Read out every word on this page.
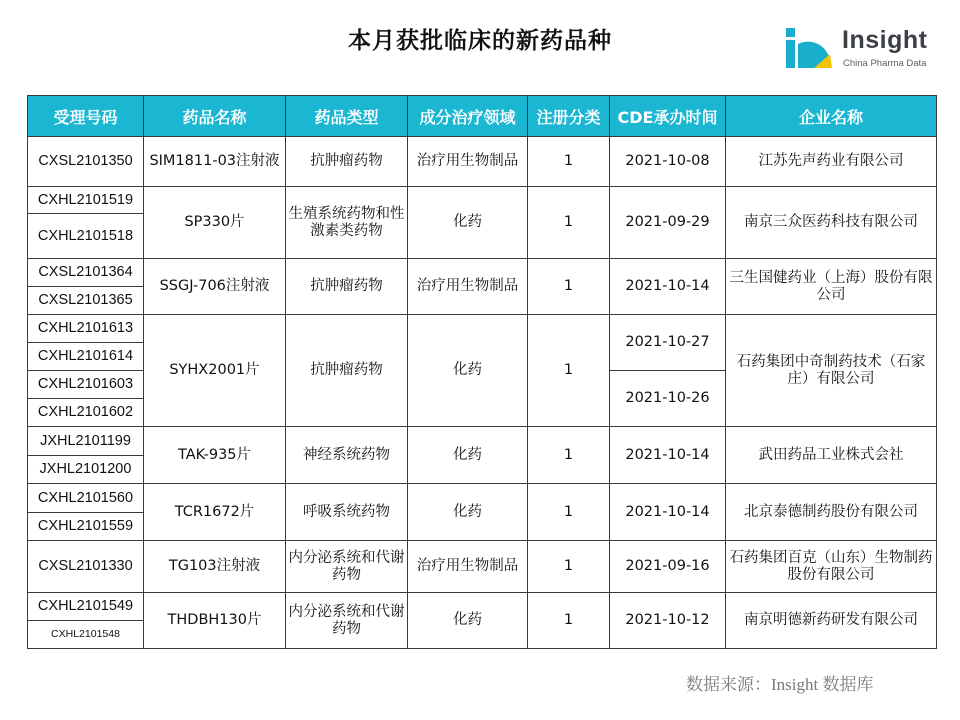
本月获批临床的新药品种	Insight
China Pharma Data
受理号码	药品名称	药品类型	成分治疗领域	注册分类	CDE承办时间	企业名称
CXSL2101350	SIM1811-03注射液	抗肿瘤药物	治疗用生物制品	1	2021-10-08	江苏先声药业有限公司
CXHL2101519	SP330片	生殖系统药物和性激素类药物	化药	1	2021-09-29	南京三众医药科技有限公司
CXHL2101518						
CXSL2101364	SSGJ-706注射液	抗肿瘤药物	治疗用生物制品	1	2021-10-14	三生国健药业（上海）股份有限公司
CXSL2101365						
CXHL2101613	SYHX2001片	抗肿瘤药物	化药	1	2021-10-27	石药集团中奇制药技术（石家庄）有限公司
CXHL2101614						
CXHL2101603					2021-10-26	
CXHL2101602						
JXHL2101199	TAK-935片	神经系统药物	化药	1	2021-10-14	武田药品工业株式会社
JXHL2101200						
CXHL2101560	TCR1672片	呼吸系统药物	化药	1	2021-10-14	北京泰德制药股份有限公司
CXHL2101559						
CXSL2101330	TG103注射液	内分泌系统和代谢药物	治疗用生物制品	1	2021-09-16	石药集团百克（山东）生物制药股份有限公司
CXHL2101549	THDBH130片	内分泌系统和代谢药物	化药	1	2021-10-12	南京明德新药研发有限公司
CXHL2101548						
数据来源：Insight 数据库
